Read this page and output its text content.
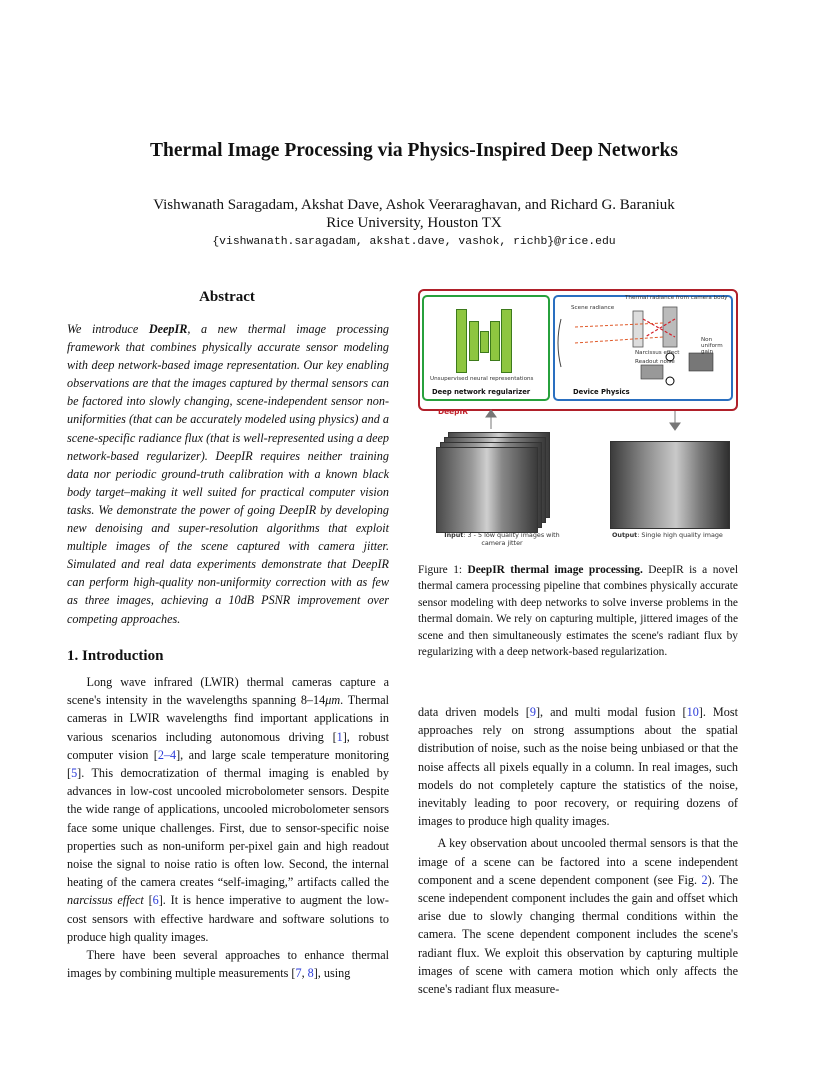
Thermal Image Processing via Physics-Inspired Deep Networks
Vishwanath Saragadam, Akshat Dave, Ashok Veeraraghavan, and Richard G. Baraniuk
Rice University, Houston TX
{vishwanath.saragadam, akshat.dave, vashok, richb}@rice.edu
Abstract
We introduce DeepIR, a new thermal image processing framework that combines physically accurate sensor modeling with deep network-based image representation. Our key enabling observations are that the images captured by thermal sensors can be factored into slowly changing, scene-independent sensor non-uniformities (that can be accurately modeled using physics) and a scene-specific radiance flux (that is well-represented using a deep network-based regularizer). DeepIR requires neither training data nor periodic ground-truth calibration with a known black body target–making it well suited for practical computer vision tasks. We demonstrate the power of going DeepIR by developing new denoising and super-resolution algorithms that exploit multiple images of the scene captured with camera jitter. Simulated and real data experiments demonstrate that DeepIR can perform high-quality non-uniformity correction with as few as three images, achieving a 10dB PSNR improvement over competing approaches.
1. Introduction

Long wave infrared (LWIR) thermal cameras capture a scene's intensity in the wavelengths spanning 8–14μm. Thermal cameras in LWIR wavelengths find important applications in various scenarios including autonomous driving [1], robust computer vision [2–4], and large scale temperature monitoring [5]. This democratization of thermal imaging is enabled by advances in low-cost uncooled microbolometer sensors. Despite the wide range of applications, uncooled microbolometer sensors face some unique challenges. First, due to sensor-specific noise properties such as non-uniform per-pixel gain and high readout noise the signal to noise ratio is often low. Second, the internal heating of the camera creates “self-imaging,” artifacts called the narcissus effect [6]. It is hence imperative to augment the low-cost sensors with effective hardware and software solutions to produce high quality images.

There have been several approaches to enhance thermal images by combining multiple measurements [7, 8], using

data driven models [9], and multi modal fusion [10]. Most approaches rely on strong assumptions about the spatial distribution of noise, such as the noise being unbiased or that the noise affects all pixels equally in a column. In real images, such models do not completely capture the statistics of the noise, inevitably leading to poor recovery, or requiring dozens of images to produce high quality images.

A key observation about uncooled thermal sensors is that the image of a scene can be factored into a scene independent component and a scene dependent component (see Fig. 2). The scene independent component includes the gain and offset which arise due to slowly changing thermal conditions within the camera. The scene dependent component includes the scene's radiant flux. We exploit this observation by capturing multiple images of scene with camera motion which only affects the scene's radiant flux measure-

Unsupervised neural representations
Deep network regularizer
Scene radiance
Thermal radiance from camera body
Non uniform gain
Narcissus effect
Readout noise
Device Physics
DeepIR
Input: 3 - 5 low quality images with camera jitter
Output: Single high quality image
Figure 1: DeepIR thermal image processing. DeepIR is a novel thermal camera processing pipeline that combines physically accurate sensor modeling with deep networks to solve inverse problems in the thermal domain. We rely on capturing multiple, jittered images of the scene and then simultaneously estimates the scene's radiant flux by regularizing with a deep network-based regularization.
